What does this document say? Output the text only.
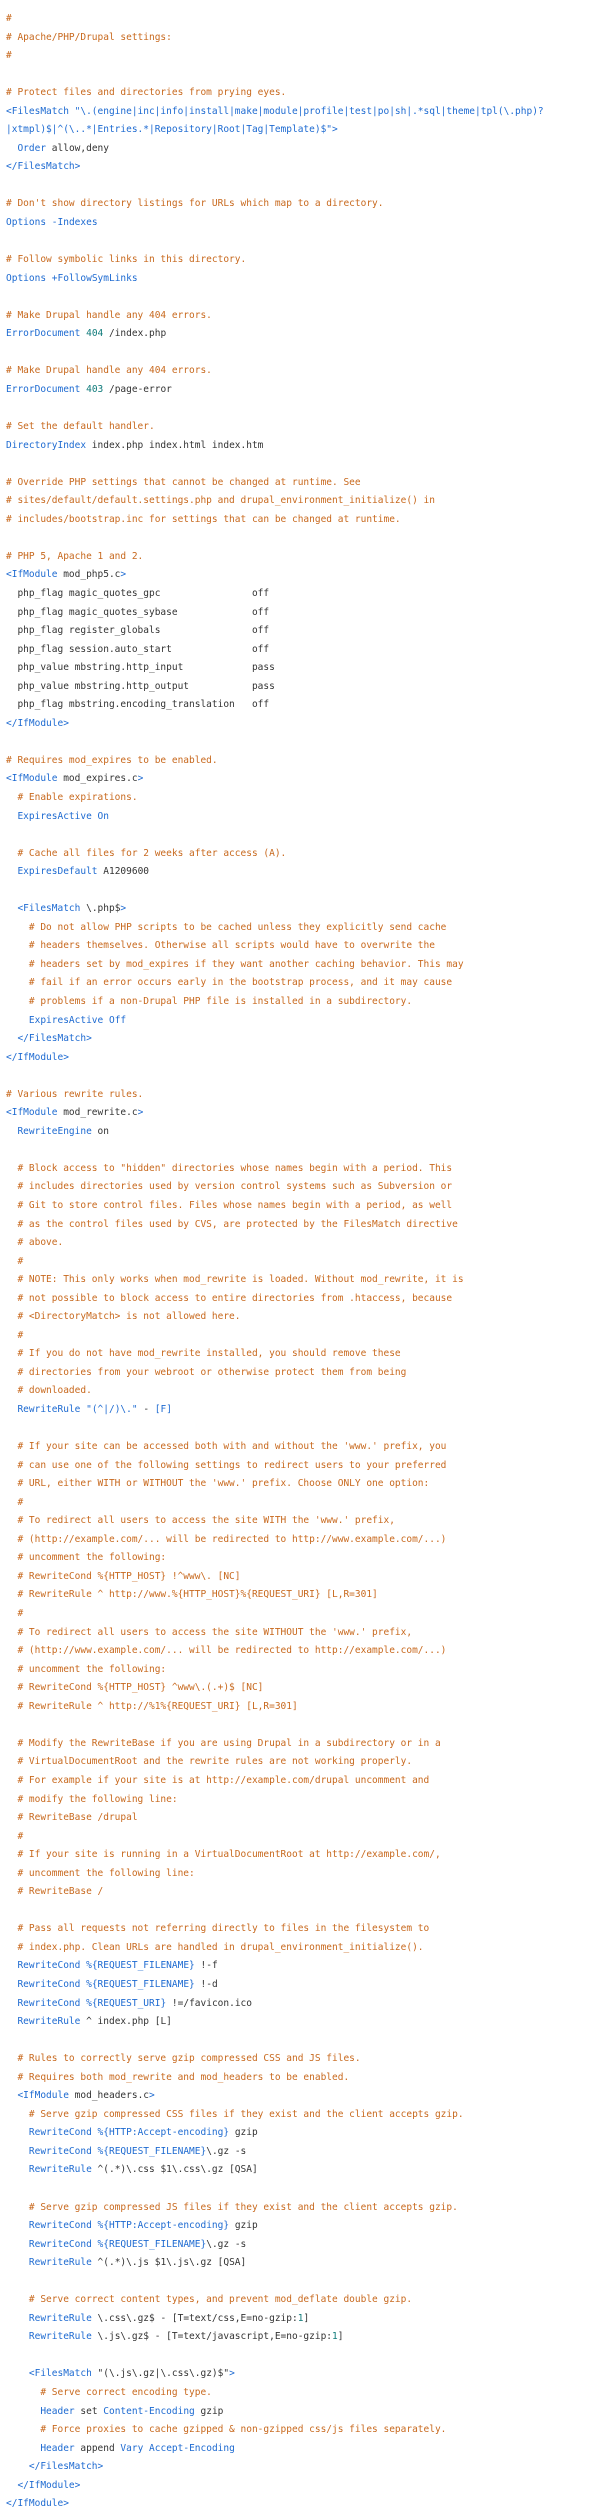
#
# Apache/PHP/Drupal settings:
#
# Protect files and directories from prying eyes.
<FilesMatch "\.(engine|inc|info|install|make|module|profile|test|po|sh|.*sql|theme|tpl(\.php)?
|xtmpl)$|^(\..*|Entries.*|Repository|Root|Tag|Template)$">
Order allow,deny
</FilesMatch>
# Don't show directory listings for URLs which map to a directory.
Options -Indexes
# Follow symbolic links in this directory.
Options +FollowSymLinks
# Make Drupal handle any 404 errors.
ErrorDocument 404 /index.php
# Make Drupal handle any 404 errors.
ErrorDocument 403 /page-error
# Set the default handler.
DirectoryIndex index.php index.html index.htm
# Override PHP settings that cannot be changed at runtime. See
# sites/default/default.settings.php and drupal_environment_initialize() in
# includes/bootstrap.inc for settings that can be changed at runtime.
# PHP 5, Apache 1 and 2.
<IfModule mod_php5.c>
php_flag magic_quotes_gpc                off
php_flag magic_quotes_sybase             off
php_flag register_globals                off
php_flag session.auto_start              off
php_value mbstring.http_input            pass
php_value mbstring.http_output           pass
php_flag mbstring.encoding_translation   off
</IfModule>
# Requires mod_expires to be enabled.
<IfModule mod_expires.c>
# Enable expirations.
ExpiresActive On
# Cache all files for 2 weeks after access (A).
ExpiresDefault A1209600
<FilesMatch \.php$>
# Do not allow PHP scripts to be cached unless they explicitly send cache
# headers themselves. Otherwise all scripts would have to overwrite the
# headers set by mod_expires if they want another caching behavior. This may
# fail if an error occurs early in the bootstrap process, and it may cause
# problems if a non-Drupal PHP file is installed in a subdirectory.
ExpiresActive Off
</FilesMatch>
</IfModule>
# Various rewrite rules.
<IfModule mod_rewrite.c>
RewriteEngine on
# Block access to "hidden" directories whose names begin with a period. This
# includes directories used by version control systems such as Subversion or
# Git to store control files. Files whose names begin with a period, as well
# as the control files used by CVS, are protected by the FilesMatch directive
# above.
#
# NOTE: This only works when mod_rewrite is loaded. Without mod_rewrite, it is
# not possible to block access to entire directories from .htaccess, because
# <DirectoryMatch> is not allowed here.
#
# If you do not have mod_rewrite installed, you should remove these
# directories from your webroot or otherwise protect them from being
# downloaded.
RewriteRule "(^|/)\." - [F]
# If your site can be accessed both with and without the 'www.' prefix, you
# can use one of the following settings to redirect users to your preferred
# URL, either WITH or WITHOUT the 'www.' prefix. Choose ONLY one option:
#
# To redirect all users to access the site WITH the 'www.' prefix,
# (http://example.com/... will be redirected to http://www.example.com/...)
# uncomment the following:
# RewriteCond %{HTTP_HOST} !^www\. [NC]
# RewriteRule ^ http://www.%{HTTP_HOST}%{REQUEST_URI} [L,R=301]
#
# To redirect all users to access the site WITHOUT the 'www.' prefix,
# (http://www.example.com/... will be redirected to http://example.com/...)
# uncomment the following:
# RewriteCond %{HTTP_HOST} ^www\.(.+)$ [NC]
# RewriteRule ^ http://%1%{REQUEST_URI} [L,R=301]
# Modify the RewriteBase if you are using Drupal in a subdirectory or in a
# VirtualDocumentRoot and the rewrite rules are not working properly.
# For example if your site is at http://example.com/drupal uncomment and
# modify the following line:
# RewriteBase /drupal
#
# If your site is running in a VirtualDocumentRoot at http://example.com/,
# uncomment the following line:
# RewriteBase /
# Pass all requests not referring directly to files in the filesystem to
# index.php. Clean URLs are handled in drupal_environment_initialize().
RewriteCond %{REQUEST_FILENAME} !-f
RewriteCond %{REQUEST_FILENAME} !-d
RewriteCond %{REQUEST_URI} !=/favicon.ico
RewriteRule ^ index.php [L]
# Rules to correctly serve gzip compressed CSS and JS files.
# Requires both mod_rewrite and mod_headers to be enabled.
<IfModule mod_headers.c>
# Serve gzip compressed CSS files if they exist and the client accepts gzip.
RewriteCond %{HTTP:Accept-encoding} gzip
RewriteCond %{REQUEST_FILENAME}\.gz -s
RewriteRule ^(.*)\.css $1\.css\.gz [QSA]
# Serve gzip compressed JS files if they exist and the client accepts gzip.
RewriteCond %{HTTP:Accept-encoding} gzip
RewriteCond %{REQUEST_FILENAME}\.gz -s
RewriteRule ^(.*)\.js $1\.js\.gz [QSA]
# Serve correct content types, and prevent mod_deflate double gzip.
RewriteRule \.css\.gz$ - [T=text/css,E=no-gzip:1]
RewriteRule \.js\.gz$ - [T=text/javascript,E=no-gzip:1]
<FilesMatch "(\.js\.gz|\.css\.gz)$">
# Serve correct encoding type.
Header set Content-Encoding gzip
# Force proxies to cache gzipped & non-gzipped css/js files separately.
Header append Vary Accept-Encoding
</FilesMatch>
</IfModule>
</IfModule>
